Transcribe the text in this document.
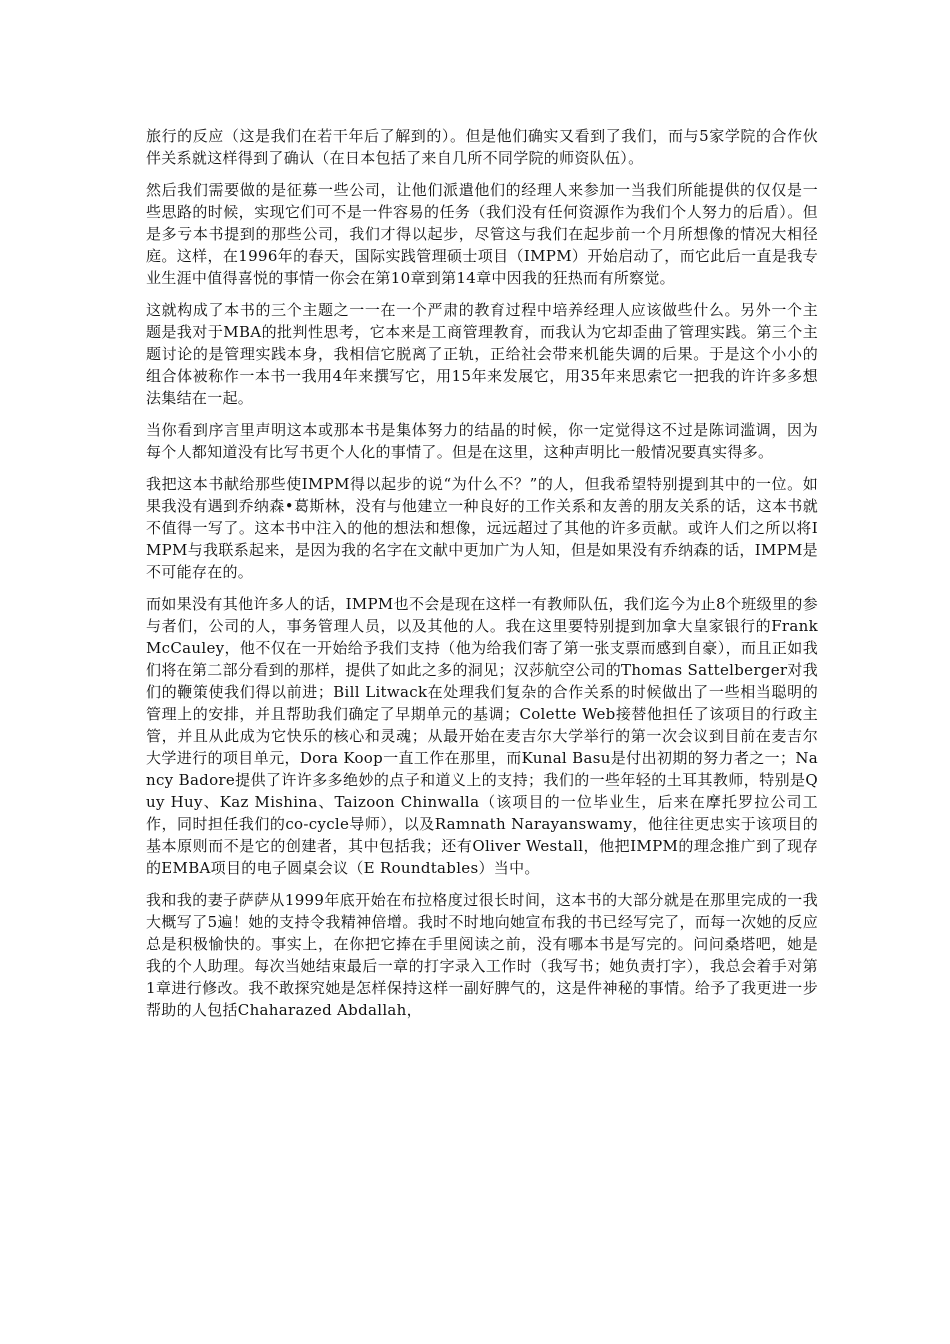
旅行的反应（这是我们在若干年后了解到的）。但是他们确实又看到了我们，而与5家学院的合作伙伴关系就这样得到了确认（在日本包括了来自几所不同学院的师资队伍）。

然后我们需要做的是征募一些公司，让他们派遣他们的经理人来参加一当我们所能提供的仅仅是一些思路的时候，实现它们可不是一件容易的任务（我们没有任何资源作为我们个人努力的后盾）。但是多亏本书提到的那些公司，我们才得以起步，尽管这与我们在起步前一个月所想像的情况大相径庭。这样，在1996年的春天，国际实践管理硕士项目（IMPM）开始启动了，而它此后一直是我专业生涯中值得喜悦的事情一你会在第10章到第14章中因我的狂热而有所察觉。

这就构成了本书的三个主题之一一在一个严肃的教育过程中培养经理人应该做些什么。另外一个主题是我对于MBA的批判性思考，它本来是工商管理教育，而我认为它却歪曲了管理实践。第三个主题讨论的是管理实践本身，我相信它脱离了正轨，正给社会带来机能失调的后果。于是这个小小的组合体被称作一本书一我用4年来撰写它，用15年来发展它，用35年来思索它一把我的许许多多想法集结在一起。

当你看到序言里声明这本或那本书是集体努力的结晶的时候，你一定觉得这不过是陈词滥调，因为每个人都知道没有比写书更个人化的事情了。但是在这里，这种声明比一般情况要真实得多。

我把这本书献给那些使IMPM得以起步的说“为什么不？”的人，但我希望特别提到其中的一位。如果我没有遇到乔纳森•葛斯林，没有与他建立一种良好的工作关系和友善的朋友关系的话，这本书就不值得一写了。这本书中注入的他的想法和想像，远远超过了其他的许多贡献。或许人们之所以将IMPM与我联系起来，是因为我的名字在文献中更加广为人知，但是如果没有乔纳森的话，IMPM是不可能存在的。

而如果没有其他许多人的话，IMPM也不会是现在这样一有教师队伍，我们迄今为止8个班级里的参与者们，公司的人，事务管理人员，以及其他的人。我在这里要特别提到加拿大皇家银行的Frank McCauley，他不仅在一开始给予我们支持（他为给我们寄了第一张支票而感到自豪），而且正如我们将在第二部分看到的那样，提供了如此之多的洞见；汉莎航空公司的Thomas Sattelberger对我们的鞭策使我们得以前进；Bill Litwack在处理我们复杂的合作关系的时候做出了一些相当聪明的管理上的安排，并且帮助我们确定了早期单元的基调；Colette Web接替他担任了该项目的行政主管，并且从此成为它快乐的核心和灵魂；从最开始在麦吉尔大学举行的第一次会议到目前在麦吉尔大学进行的项目单元，Dora Koop一直工作在那里，而Kunal Basu是付出初期的努力者之一；Nancy Badore提供了许许多多绝妙的点子和道义上的支持；我们的一些年轻的土耳其教师，特别是Quy Huy、Kaz Mishina、Taizoon Chinwalla（该项目的一位毕业生，后来在摩托罗拉公司工作，同时担任我们的co-cycle导师），以及Ramnath Narayanswamy，他往往更忠实于该项目的基本原则而不是它的创建者，其中包括我；还有Oliver Westall，他把IMPM的理念推广到了现存的EMBA项目的电子圆桌会议（E Roundtables）当中。

我和我的妻子萨萨从1999年底开始在布拉格度过很长时间，这本书的大部分就是在那里完成的一我大概写了5遍！她的支持令我精神倍增。我时不时地向她宣布我的书已经写完了，而每一次她的反应总是积极愉快的。事实上，在你把它捧在手里阅读之前，没有哪本书是写完的。问问桑塔吧，她是我的个人助理。每次当她结束最后一章的打字录入工作时（我写书；她负责打字），我总会着手对第1章进行修改。我不敢探究她是怎样保持这样一副好脾气的，这是件神秘的事情。给予了我更进一步帮助的人包括Chaharazed Abdallah，
